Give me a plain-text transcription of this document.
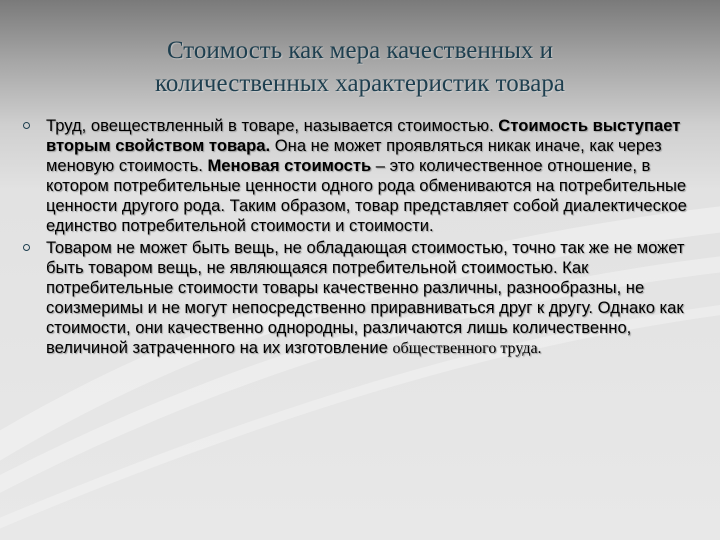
Стоимость как мера качественных и
количественных характеристик товара

Труд, овеществленный в товаре, называется стоимостью. Стоимость выступает вторым свойством товара. Она не может проявляться никак иначе, как через меновую стоимость. Меновая стоимость – это количественное отношение, в котором потребительные ценности одного рода обмениваются на потребительные ценности другого рода. Таким образом, товар представляет собой диалектическое единство потребительной стоимости и стоимости.

Товаром не может быть вещь, не обладающая стоимостью, точно так же не может быть товаром вещь, не являющаяся потребительной стоимостью. Как потребительные стоимости товары качественно различны, разнообразны, не соизмеримы и не могут непосредственно приравниваться друг к другу. Однако как стоимости, они качественно однородны, различаются лишь количественно, величиной затраченного на их изготовление общественного труда.
